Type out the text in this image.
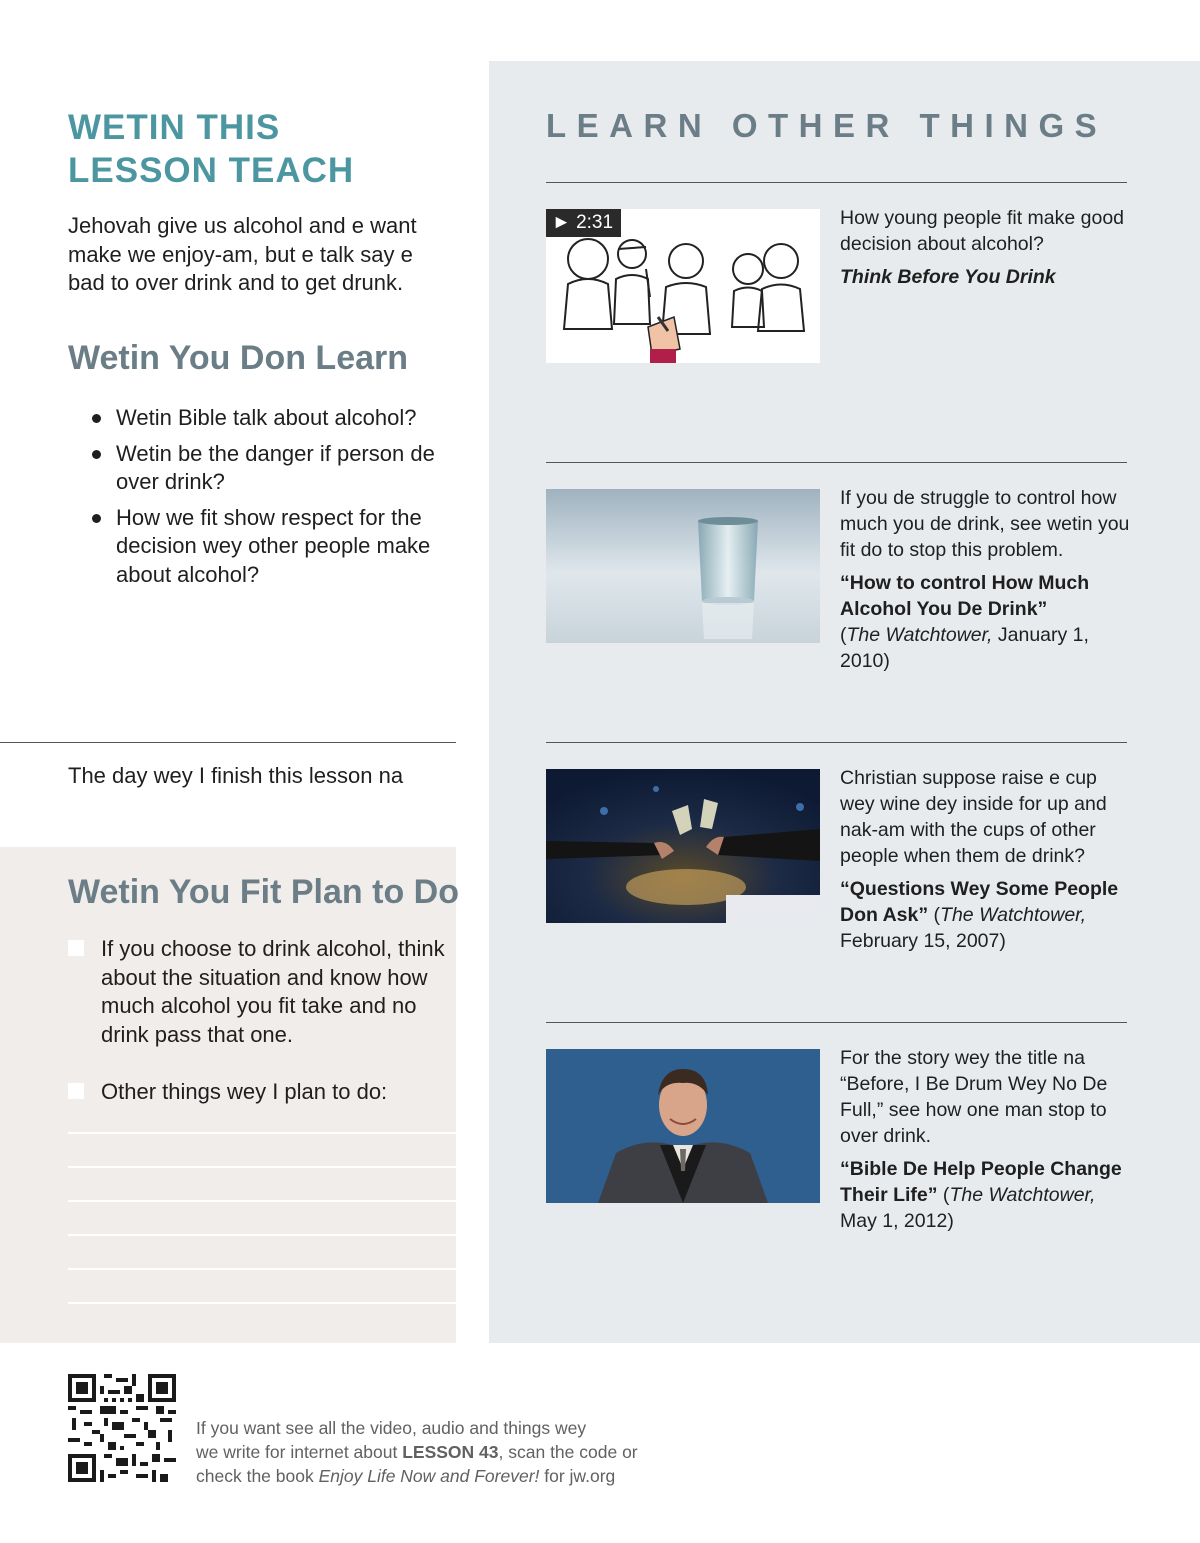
WETIN THIS
LESSON TEACH

Jehovah give us alcohol and e want make we enjoy-am, but e talk say e bad to over drink and to get drunk.

Wetin You Don Learn
Wetin Bible talk about alcohol?
Wetin be the danger if person de over drink?
How we fit show respect for the decision wey other people make about alcohol?

The day wey I finish this lesson na

Wetin You Fit Plan to Do
If you choose to drink alcohol, think about the situation and know how much alcohol you fit take and no drink pass that one.
Other things wey I plan to do:
LEARN OTHER THINGS
► 2:31	How young people fit make good decision about alcohol?
Think Before You Drink
If you de struggle to control how much you de drink, see wetin you fit do to stop this problem.
“How to control How Much Alcohol You De Drink”
(The Watchtower, January 1, 2010)
Christian suppose raise e cup wey wine dey inside for up and nak-am with the cups of other people when them de drink?
“Questions Wey Some People Don Ask” (The Watchtower,
February 15, 2007)
For the story wey the title na “Before, I Be Drum Wey No De Full,” see how one man stop to over drink.
“Bible De Help People Change Their Life” (The Watchtower,
May 1, 2012)

If you want see all the video, audio and things wey
we write for internet about LESSON 43, scan the code or
check the book Enjoy Life Now and Forever! for jw.org
